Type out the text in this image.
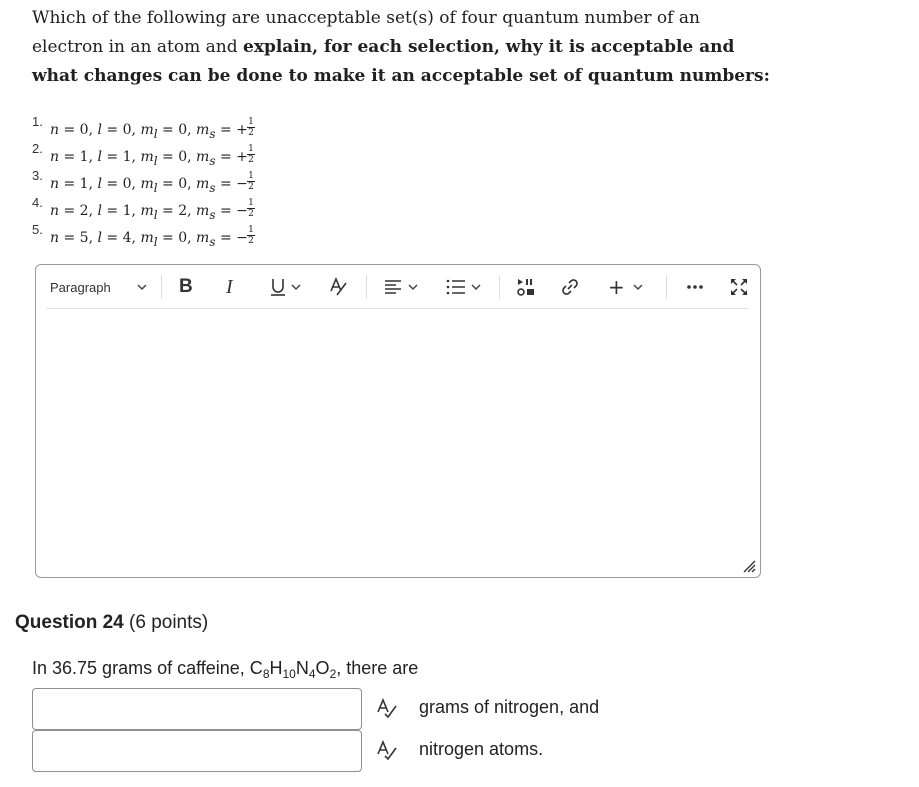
Which of the following are unacceptable set(s) of four quantum number of an electron in an atom and explain, for each selection, why it is acceptable and what changes can be done to make it an acceptable set of quantum numbers:
1.
n = 0, l = 0, $m_l = 0$, $m_s$ = + 1
2
2.
n = 1, l = 1, $m_l = 0$, $m_s$ = + 1
2
3.
n = 1, l = 0, $m_l = 0$, $m_s$ = − 1
2
4.
n = 2, l = 1, $m_l = 2$, $m_s$ = − 1
2
5.
n = 5, l = 4, $m_l = 0$, $m_s$ = − 1
2
Paragraph	B I	+
Question 24 (6 points)
In 36.75 grams of caffeine, $C_8H_{10}N_4O_2$, there are
grams of nitrogen, and
nitrogen atoms.
